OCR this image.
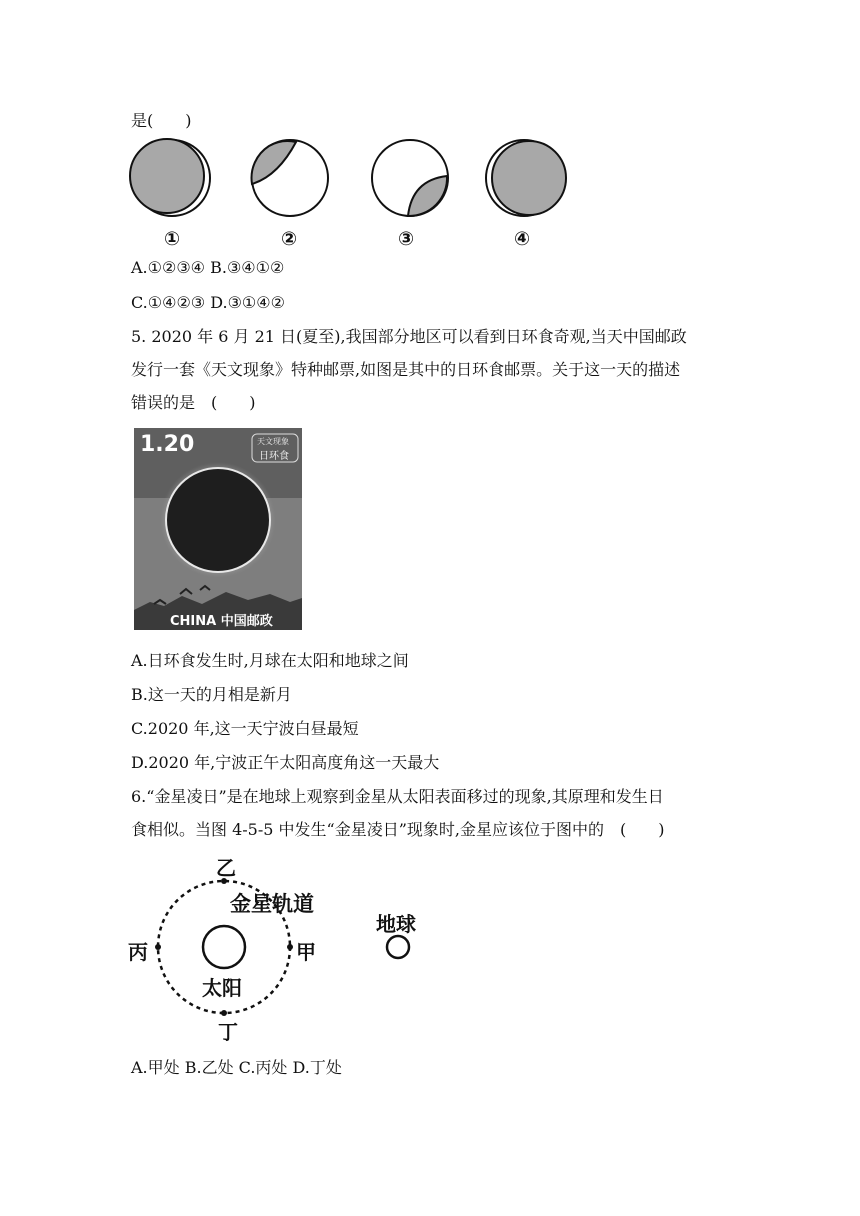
是(　　)
①	②	③	④
A.①②③④ B.③④①②
C.①④②③ D.③①④②
5. 2020 年 6 月 21 日(夏至),我国部分地区可以看到日环食奇观,当天中国邮政
发行一套《天文现象》特种邮票,如图是其中的日环食邮票。关于这一天的描述
错误的是　(　　)
1.20	天文现象
日环食
CHINA 中国邮政
A.日环食发生时,月球在太阳和地球之间
B.这一天的月相是新月
C.2020 年,这一天宁波白昼最短
D.2020 年,宁波正午太阳高度角这一天最大
6.“金星凌日”是在地球上观察到金星从太阳表面移过的现象,其原理和发生日
食相似。当图 4-5-5 中发生“金星凌日”现象时,金星应该位于图中的　(　　)
乙
金星轨道
丙	甲
太阳
丁
地球
A.甲处 B.乙处 C.丙处 D.丁处
